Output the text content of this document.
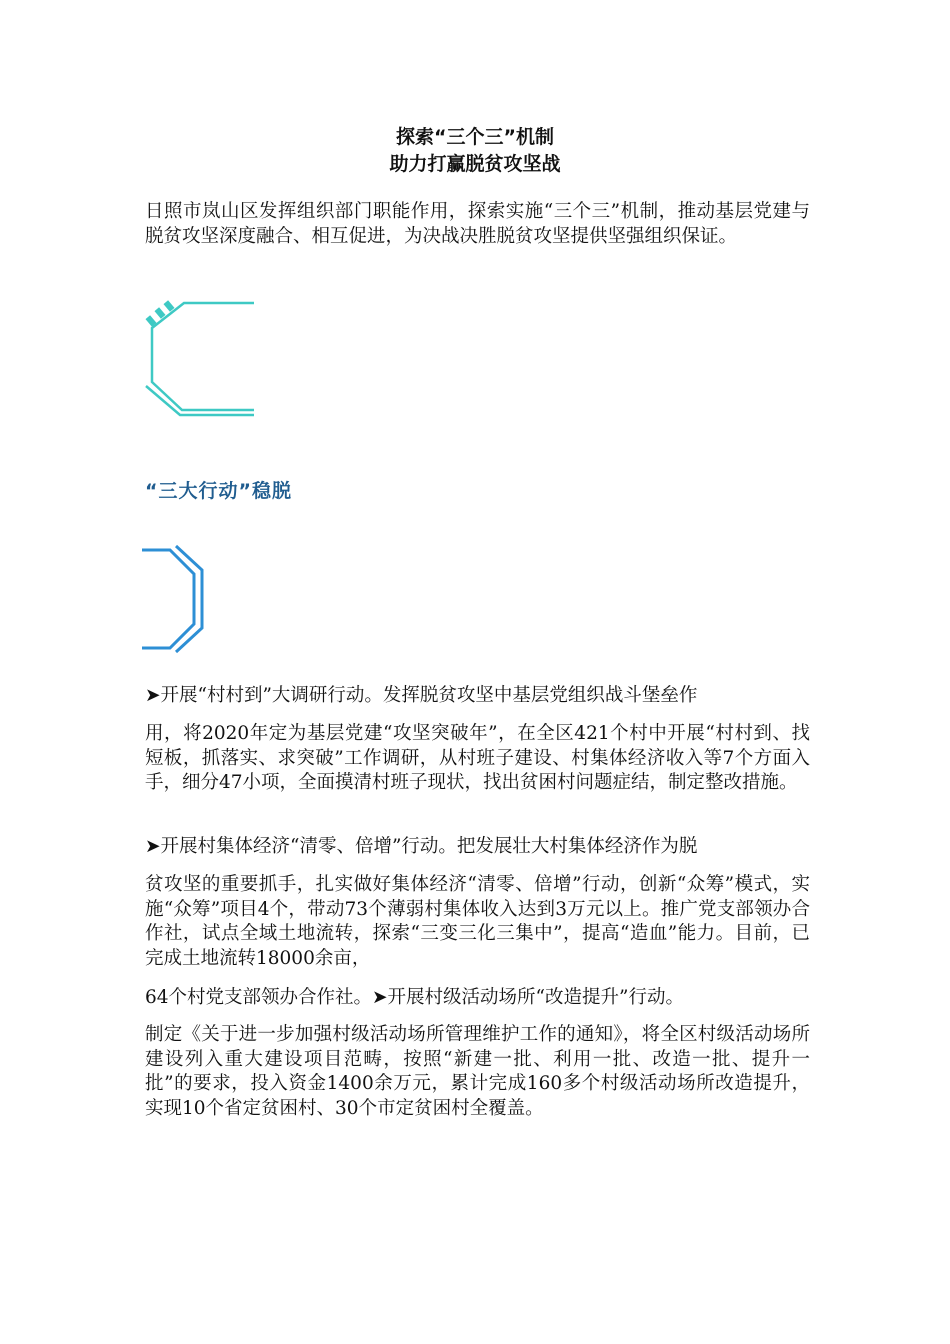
探索“三个三”机制
助力打赢脱贫攻坚战

日照市岚山区发挥组织部门职能作用，探索实施“三个三”机制，推动基层党建与脱贫攻坚深度融合、相互促进，为决战决胜脱贫攻坚提供坚强组织保证。

“三大行动”稳脱

➤开展“村村到”大调研行动。发挥脱贫攻坚中基层党组织战斗堡垒作

用，将2020年定为基层党建“攻坚突破年”，在全区421个村中开展“村村到、找短板，抓落实、求突破”工作调研，从村班子建设、村集体经济收入等7个方面入手，细分47小项，全面摸清村班子现状，找出贫困村问题症结，制定整改措施。

➤开展村集体经济“清零、倍增”行动。把发展壮大村集体经济作为脱

贫攻坚的重要抓手，扎实做好集体经济“清零、倍增”行动，创新“众筹”模式，实施“众筹”项目4个，带动73个薄弱村集体收入达到3万元以上。推广党支部领办合作社，试点全域土地流转，探索“三变三化三集中”，提高“造血”能力。目前，已完成土地流转18000余亩，

64个村党支部领办合作社。➤开展村级活动场所“改造提升”行动。

制定《关于进一步加强村级活动场所管理维护工作的通知》，将全区村级活动场所建设列入重大建设项目范畴，按照“新建一批、利用一批、改造一批、提升一批”的要求，投入资金1400余万元，累计完成160多个村级活动场所改造提升，实现10个省定贫困村、30个市定贫困村全覆盖。
